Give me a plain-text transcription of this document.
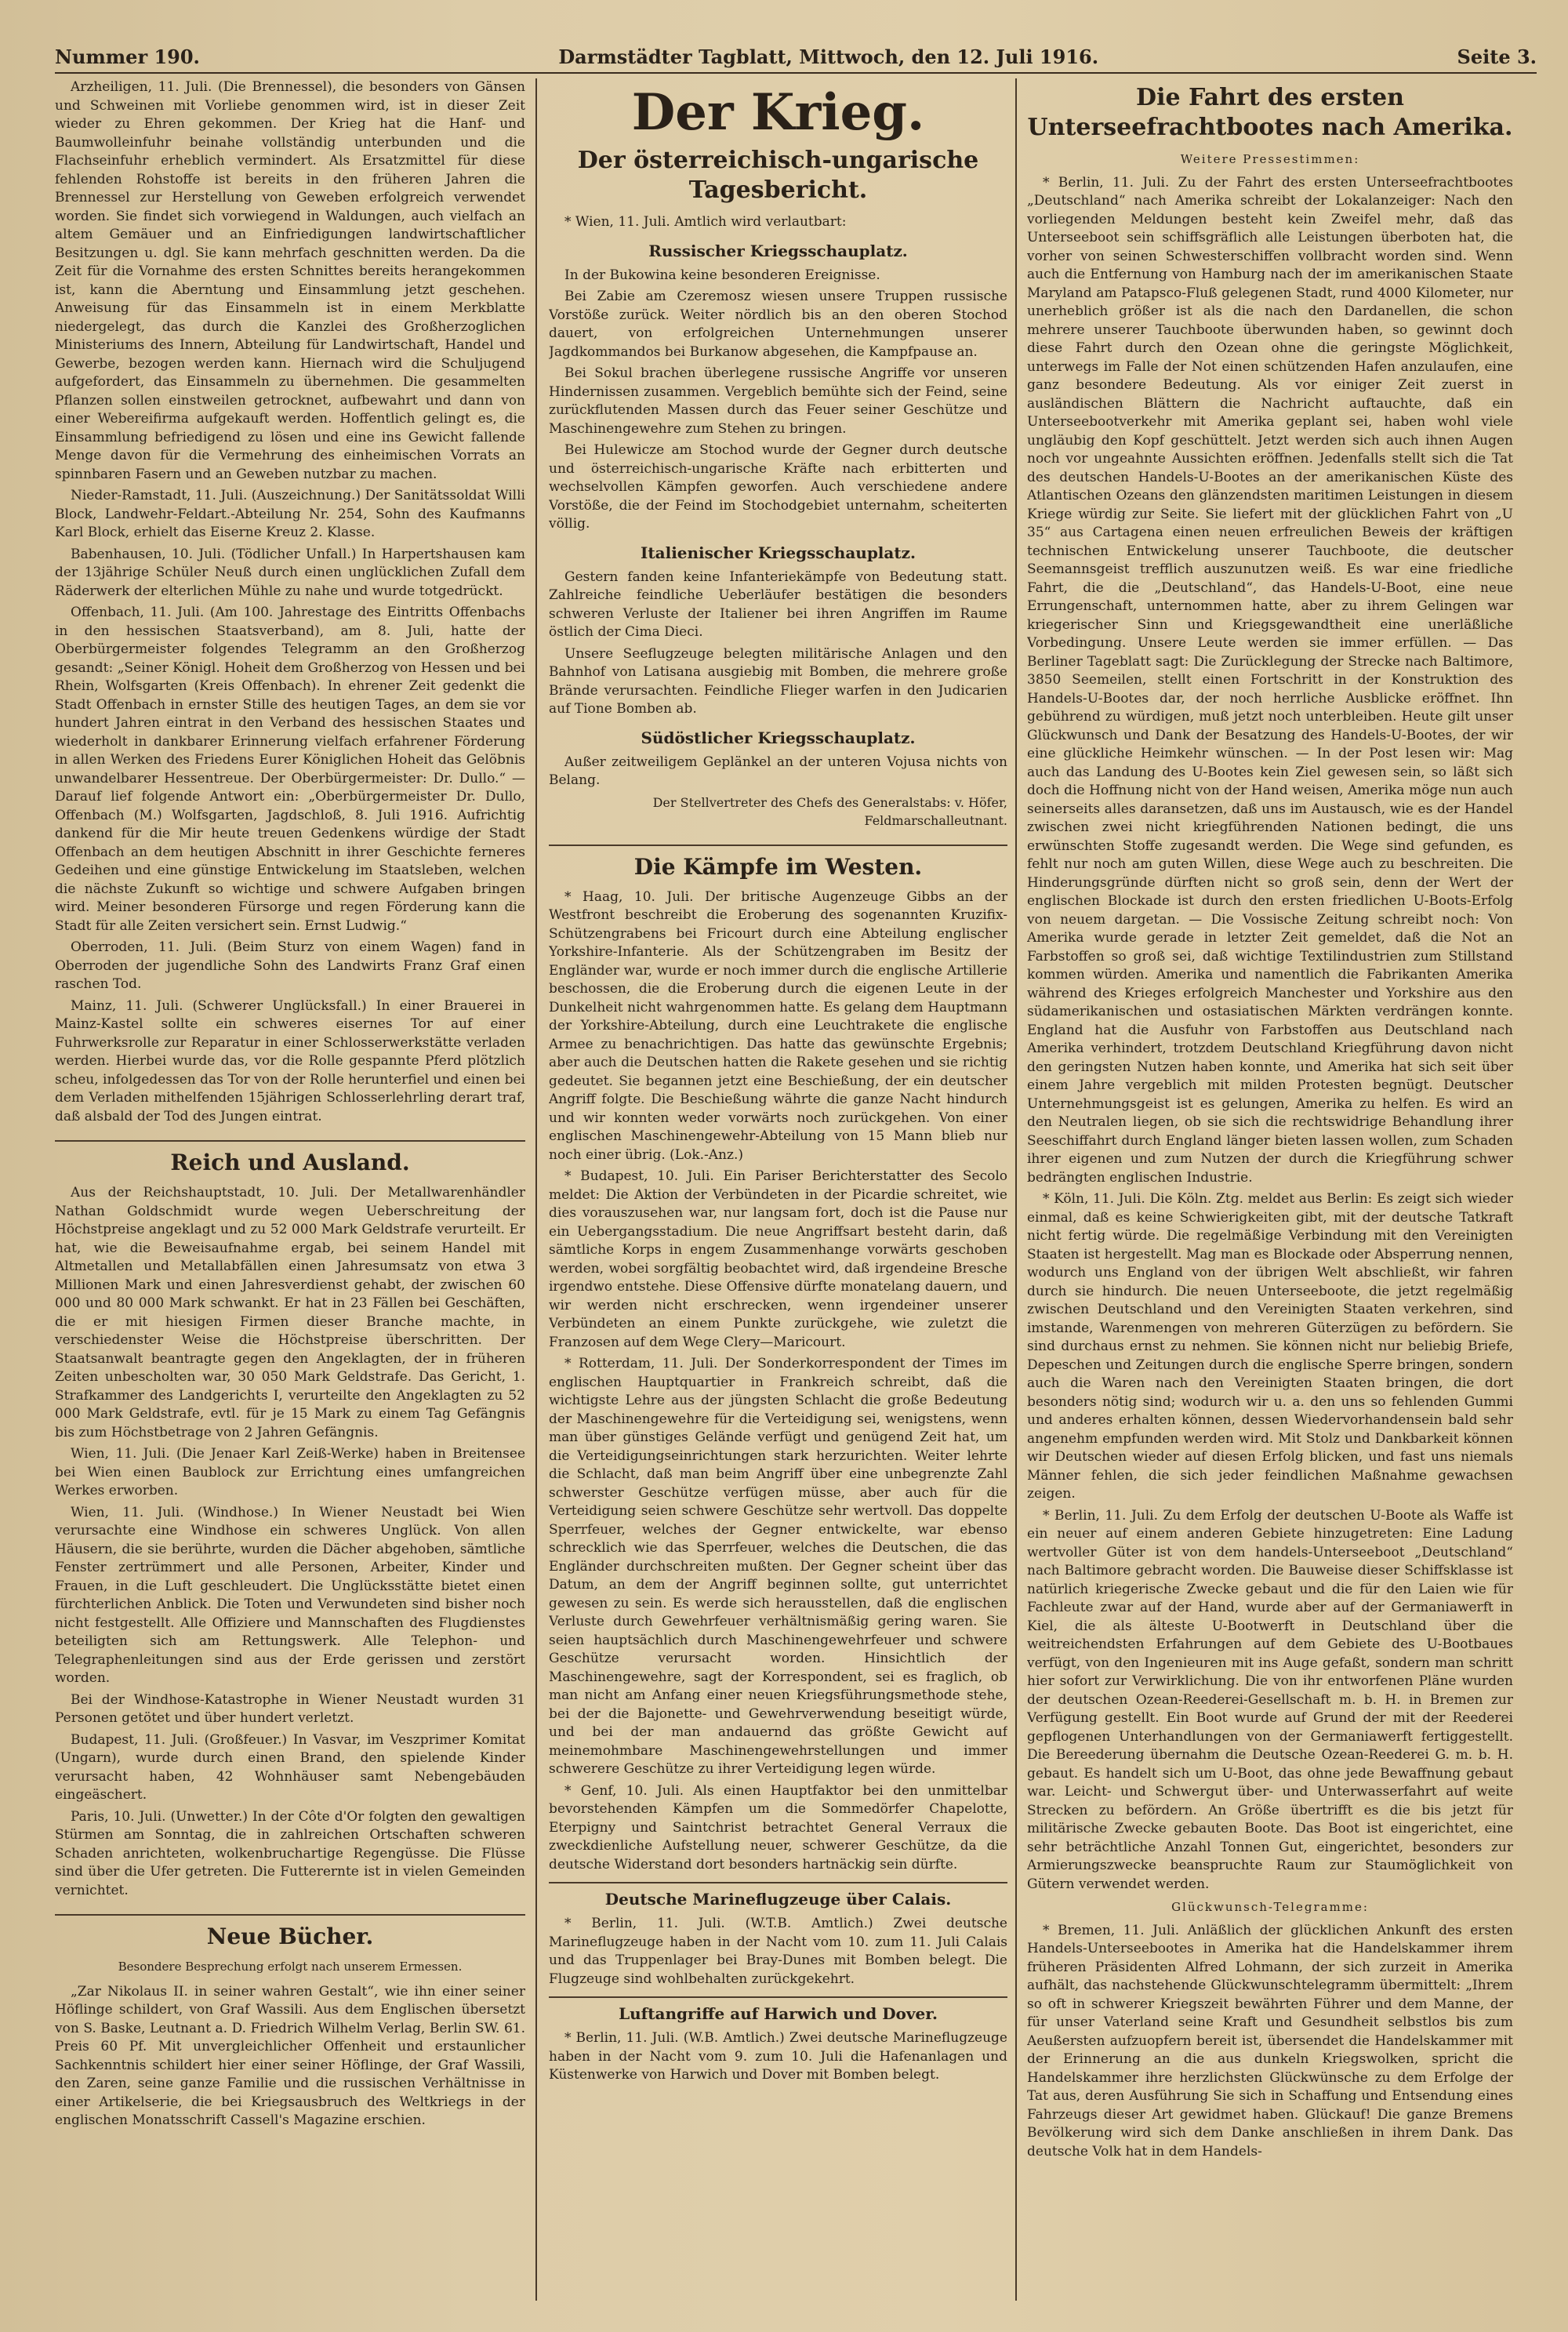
Nummer 190.	Darmstädter Tagblatt, Mittwoch, den 12. Juli 1916.	Seite 3.

Arzheiligen, 11. Juli. (Die Brennessel), die besonders von Gänsen und Schweinen mit Vorliebe genommen wird, ist in dieser Zeit wieder zu Ehren gekommen. Der Krieg hat die Hanf- und Baumwolleinfuhr beinahe vollständig unterbunden und die Flachseinfuhr erheblich vermindert. Als Ersatzmittel für diese fehlenden Rohstoffe ist bereits in den früheren Jahren die Brennessel zur Herstellung von Geweben erfolgreich verwendet worden. Sie findet sich vorwiegend in Waldungen, auch vielfach an altem Gemäuer und an Einfriedigungen landwirtschaftlicher Besitzungen u. dgl. Sie kann mehrfach geschnitten werden. Da die Zeit für die Vornahme des ersten Schnittes bereits herangekommen ist, kann die Aberntung und Einsammlung jetzt geschehen. Anweisung für das Einsammeln ist in einem Merkblatte niedergelegt, das durch die Kanzlei des Großherzoglichen Ministeriums des Innern, Abteilung für Landwirtschaft, Handel und Gewerbe, bezogen werden kann. Hiernach wird die Schuljugend aufgefordert, das Einsammeln zu übernehmen. Die gesammelten Pflanzen sollen einstweilen getrocknet, aufbewahrt und dann von einer Webereifirma aufgekauft werden. Hoffentlich gelingt es, die Einsammlung befriedigend zu lösen und eine ins Gewicht fallende Menge davon für die Vermehrung des einheimischen Vorrats an spinnbaren Fasern und an Geweben nutzbar zu machen.

Nieder-Ramstadt, 11. Juli. (Auszeichnung.) Der Sanitätssoldat Willi Block, Landwehr-Feldart.-Abteilung Nr. 254, Sohn des Kaufmanns Karl Block, erhielt das Eiserne Kreuz 2. Klasse.

Babenhausen, 10. Juli. (Tödlicher Unfall.) In Harpertshausen kam der 13jährige Schüler Neuß durch einen unglücklichen Zufall dem Räderwerk der elterlichen Mühle zu nahe und wurde totgedrückt.

Offenbach, 11. Juli. (Am 100. Jahrestage des Eintritts Offenbachs in den hessischen Staatsverband), am 8. Juli, hatte der Oberbürgermeister folgendes Telegramm an den Großherzog gesandt: „Seiner Königl. Hoheit dem Großherzog von Hessen und bei Rhein, Wolfsgarten (Kreis Offenbach). In ehrener Zeit gedenkt die Stadt Offenbach in ernster Stille des heutigen Tages, an dem sie vor hundert Jahren eintrat in den Verband des hessischen Staates und wiederholt in dankbarer Erinnerung vielfach erfahrener Förderung in allen Werken des Friedens Eurer Königlichen Hoheit das Gelöbnis unwandelbarer Hessentreue. Der Oberbürgermeister: Dr. Dullo.“ — Darauf lief folgende Antwort ein: „Oberbürgermeister Dr. Dullo, Offenbach (M.) Wolfsgarten, Jagdschloß, 8. Juli 1916. Aufrichtig dankend für die Mir heute treuen Gedenkens würdige der Stadt Offenbach an dem heutigen Abschnitt in ihrer Geschichte ferneres Gedeihen und eine günstige Entwickelung im Staatsleben, welchen die nächste Zukunft so wichtige und schwere Aufgaben bringen wird. Meiner besonderen Fürsorge und regen Förderung kann die Stadt für alle Zeiten versichert sein. Ernst Ludwig.“

Oberroden, 11. Juli. (Beim Sturz von einem Wagen) fand in Oberroden der jugendliche Sohn des Landwirts Franz Graf einen raschen Tod.

Mainz, 11. Juli. (Schwerer Unglücksfall.) In einer Brauerei in Mainz-Kastel sollte ein schweres eisernes Tor auf einer Fuhrwerksrolle zur Reparatur in einer Schlosserwerkstätte verladen werden. Hierbei wurde das, vor die Rolle gespannte Pferd plötzlich scheu, infolgedessen das Tor von der Rolle herunterfiel und einen bei dem Verladen mithelfenden 15jährigen Schlosserlehrling derart traf, daß alsbald der Tod des Jungen eintrat.

Reich und Ausland.

Aus der Reichshauptstadt, 10. Juli. Der Metallwarenhändler Nathan Goldschmidt wurde wegen Ueberschreitung der Höchstpreise angeklagt und zu 52 000 Mark Geldstrafe verurteilt. Er hat, wie die Beweisaufnahme ergab, bei seinem Handel mit Altmetallen und Metallabfällen einen Jahresumsatz von etwa 3 Millionen Mark und einen Jahresverdienst gehabt, der zwischen 60 000 und 80 000 Mark schwankt. Er hat in 23 Fällen bei Geschäften, die er mit hiesigen Firmen dieser Branche machte, in verschiedenster Weise die Höchstpreise überschritten. Der Staatsanwalt beantragte gegen den Angeklagten, der in früheren Zeiten unbescholten war, 30 050 Mark Geldstrafe. Das Gericht, 1. Strafkammer des Landgerichts I, verurteilte den Angeklagten zu 52 000 Mark Geldstrafe, evtl. für je 15 Mark zu einem Tag Gefängnis bis zum Höchstbetrage von 2 Jahren Gefängnis.

Wien, 11. Juli. (Die Jenaer Karl Zeiß-Werke) haben in Breitensee bei Wien einen Baublock zur Errichtung eines umfangreichen Werkes erworben.

Wien, 11. Juli. (Windhose.) In Wiener Neustadt bei Wien verursachte eine Windhose ein schweres Unglück. Von allen Häusern, die sie berührte, wurden die Dächer abgehoben, sämtliche Fenster zertrümmert und alle Personen, Arbeiter, Kinder und Frauen, in die Luft geschleudert. Die Unglücksstätte bietet einen fürchterlichen Anblick. Die Toten und Verwundeten sind bisher noch nicht festgestellt. Alle Offiziere und Mannschaften des Flugdienstes beteiligten sich am Rettungswerk. Alle Telephon- und Telegraphenleitungen sind aus der Erde gerissen und zerstört worden.

Bei der Windhose-Katastrophe in Wiener Neustadt wurden 31 Personen getötet und über hundert verletzt.

Budapest, 11. Juli. (Großfeuer.) In Vasvar, im Veszprimer Komitat (Ungarn), wurde durch einen Brand, den spielende Kinder verursacht haben, 42 Wohnhäuser samt Nebengebäuden eingeäschert.

Paris, 10. Juli. (Unwetter.) In der Côte d'Or folgten den gewaltigen Stürmen am Sonntag, die in zahlreichen Ortschaften schweren Schaden anrichteten, wolkenbruchartige Regengüsse. Die Flüsse sind über die Ufer getreten. Die Futterernte ist in vielen Gemeinden vernichtet.

Neue Bücher.
Besondere Besprechung erfolgt nach unserem Ermessen.

„Zar Nikolaus II. in seiner wahren Gestalt“, wie ihn einer seiner Höflinge schildert, von Graf Wassili. Aus dem Englischen übersetzt von S. Baske, Leutnant a. D. Friedrich Wilhelm Verlag, Berlin SW. 61. Preis 60 Pf. Mit unvergleichlicher Offenheit und erstaunlicher Sachkenntnis schildert hier einer seiner Höflinge, der Graf Wassili, den Zaren, seine ganze Familie und die russischen Verhältnisse in einer Artikelserie, die bei Kriegsausbruch des Weltkriegs in der englischen Monatsschrift Cassell's Magazine erschien.

Der Krieg.
Der österreichisch-ungarische Tagesbericht.

* Wien, 11. Juli. Amtlich wird verlautbart:

Russischer Kriegsschauplatz.

In der Bukowina keine besonderen Ereignisse.

Bei Zabie am Czeremosz wiesen unsere Truppen russische Vorstöße zurück. Weiter nördlich bis an den oberen Stochod dauert, von erfolgreichen Unternehmungen unserer Jagdkommandos bei Burkanow abgesehen, die Kampfpause an.

Bei Sokul brachen überlegene russische Angriffe vor unseren Hindernissen zusammen. Vergeblich bemühte sich der Feind, seine zurückflutenden Massen durch das Feuer seiner Geschütze und Maschinengewehre zum Stehen zu bringen.

Bei Hulewicze am Stochod wurde der Gegner durch deutsche und österreichisch-ungarische Kräfte nach erbitterten und wechselvollen Kämpfen geworfen. Auch verschiedene andere Vorstöße, die der Feind im Stochodgebiet unternahm, scheiterten völlig.

Italienischer Kriegsschauplatz.

Gestern fanden keine Infanteriekämpfe von Bedeutung statt. Zahlreiche feindliche Ueberläufer bestätigen die besonders schweren Verluste der Italiener bei ihren Angriffen im Raume östlich der Cima Dieci.

Unsere Seeflugzeuge belegten militärische Anlagen und den Bahnhof von Latisana ausgiebig mit Bomben, die mehrere große Brände verursachten. Feindliche Flieger warfen in den Judicarien auf Tione Bomben ab.

Südöstlicher Kriegsschauplatz.

Außer zeitweiligem Geplänkel an der unteren Vojusa nichts von Belang.

Der Stellvertreter des Chefs des Generalstabs: v. Höfer, Feldmarschalleutnant.
Die Kämpfe im Westen.

* Haag, 10. Juli. Der britische Augenzeuge Gibbs an der Westfront beschreibt die Eroberung des sogenannten Kruzifix-Schützengrabens bei Fricourt durch eine Abteilung englischer Yorkshire-Infanterie. Als der Schützengraben im Besitz der Engländer war, wurde er noch immer durch die englische Artillerie beschossen, die die Eroberung durch die eigenen Leute in der Dunkelheit nicht wahrgenommen hatte. Es gelang dem Hauptmann der Yorkshire-Abteilung, durch eine Leuchtrakete die englische Armee zu benachrichtigen. Das hatte das gewünschte Ergebnis; aber auch die Deutschen hatten die Rakete gesehen und sie richtig gedeutet. Sie begannen jetzt eine Beschießung, der ein deutscher Angriff folgte. Die Beschießung währte die ganze Nacht hindurch und wir konnten weder vorwärts noch zurückgehen. Von einer englischen Maschinengewehr-Abteilung von 15 Mann blieb nur noch einer übrig. (Lok.-Anz.)

* Budapest, 10. Juli. Ein Pariser Berichterstatter des Secolo meldet: Die Aktion der Verbündeten in der Picardie schreitet, wie dies vorauszusehen war, nur langsam fort, doch ist die Pause nur ein Uebergangsstadium. Die neue Angriffsart besteht darin, daß sämtliche Korps in engem Zusammenhange vorwärts geschoben werden, wobei sorgfältig beobachtet wird, daß irgendeine Bresche irgendwo entstehe. Diese Offensive dürfte monatelang dauern, und wir werden nicht erschrecken, wenn irgendeiner unserer Verbündeten an einem Punkte zurückgehe, wie zuletzt die Franzosen auf dem Wege Clery—Maricourt.

* Rotterdam, 11. Juli. Der Sonderkorrespondent der Times im englischen Hauptquartier in Frankreich schreibt, daß die wichtigste Lehre aus der jüngsten Schlacht die große Bedeutung der Maschinengewehre für die Verteidigung sei, wenigstens, wenn man über günstiges Gelände verfügt und genügend Zeit hat, um die Verteidigungseinrichtungen stark herzurichten. Weiter lehrte die Schlacht, daß man beim Angriff über eine unbegrenzte Zahl schwerster Geschütze verfügen müsse, aber auch für die Verteidigung seien schwere Geschütze sehr wertvoll. Das doppelte Sperrfeuer, welches der Gegner entwickelte, war ebenso schrecklich wie das Sperrfeuer, welches die Deutschen, die das Engländer durchschreiten mußten. Der Gegner scheint über das Datum, an dem der Angriff beginnen sollte, gut unterrichtet gewesen zu sein. Es werde sich herausstellen, daß die englischen Verluste durch Gewehrfeuer verhältnismäßig gering waren. Sie seien hauptsächlich durch Maschinengewehrfeuer und schwere Geschütze verursacht worden. Hinsichtlich der Maschinengewehre, sagt der Korrespondent, sei es fraglich, ob man nicht am Anfang einer neuen Kriegsführungsmethode stehe, bei der die Bajonette- und Gewehrverwendung beseitigt würde, und bei der man andauernd das größte Gewicht auf meinemohmbare Maschinengewehrstellungen und immer schwerere Geschütze zu ihrer Verteidigung legen würde.

* Genf, 10. Juli. Als einen Hauptfaktor bei den unmittelbar bevorstehenden Kämpfen um die Sommedörfer Chapelotte, Eterpigny und Saintchrist betrachtet General Verraux die zweckdienliche Aufstellung neuer, schwerer Geschütze, da die deutsche Widerstand dort besonders hartnäckig sein dürfte.

Deutsche Marineflugzeuge über Calais.

* Berlin, 11. Juli. (W.T.B. Amtlich.) Zwei deutsche Marineflugzeuge haben in der Nacht vom 10. zum 11. Juli Calais und das Truppenlager bei Bray-Dunes mit Bomben belegt. Die Flugzeuge sind wohlbehalten zurückgekehrt.

Luftangriffe auf Harwich und Dover.

* Berlin, 11. Juli. (W.B. Amtlich.) Zwei deutsche Marineflugzeuge haben in der Nacht vom 9. zum 10. Juli die Hafenanlagen und Küstenwerke von Harwich und Dover mit Bomben belegt.

Die Fahrt des ersten Unterseefrachtbootes nach Amerika.
Weitere Pressestimmen:

* Berlin, 11. Juli. Zu der Fahrt des ersten Unterseefrachtbootes „Deutschland“ nach Amerika schreibt der Lokalanzeiger: Nach den vorliegenden Meldungen besteht kein Zweifel mehr, daß das Unterseeboot sein schiffsgräflich alle Leistungen überboten hat, die vorher von seinen Schwesterschiffen vollbracht worden sind. Wenn auch die Entfernung von Hamburg nach der im amerikanischen Staate Maryland am Patapsco-Fluß gelegenen Stadt, rund 4000 Kilometer, nur unerheblich größer ist als die nach den Dardanellen, die schon mehrere unserer Tauchboote überwunden haben, so gewinnt doch diese Fahrt durch den Ozean ohne die geringste Möglichkeit, unterwegs im Falle der Not einen schützenden Hafen anzulaufen, eine ganz besondere Bedeutung. Als vor einiger Zeit zuerst in ausländischen Blättern die Nachricht auftauchte, daß ein Unterseebootverkehr mit Amerika geplant sei, haben wohl viele ungläubig den Kopf geschüttelt. Jetzt werden sich auch ihnen Augen noch vor ungeahnte Aussichten eröffnen. Jedenfalls stellt sich die Tat des deutschen Handels-U-Bootes an der amerikanischen Küste des Atlantischen Ozeans den glänzendsten maritimen Leistungen in diesem Kriege würdig zur Seite. Sie liefert mit der glücklichen Fahrt von „U 35“ aus Cartagena einen neuen erfreulichen Beweis der kräftigen technischen Entwickelung unserer Tauchboote, die deutscher Seemannsgeist trefflich auszunutzen weiß. Es war eine friedliche Fahrt, die die „Deutschland“, das Handels-U-Boot, eine neue Errungenschaft, unternommen hatte, aber zu ihrem Gelingen war kriegerischer Sinn und Kriegsgewandtheit eine unerläßliche Vorbedingung. Unsere Leute werden sie immer erfüllen. — Das Berliner Tageblatt sagt: Die Zurücklegung der Strecke nach Baltimore, 3850 Seemeilen, stellt einen Fortschritt in der Konstruktion des Handels-U-Bootes dar, der noch herrliche Ausblicke eröffnet. Ihn gebührend zu würdigen, muß jetzt noch unterbleiben. Heute gilt unser Glückwunsch und Dank der Besatzung des Handels-U-Bootes, der wir eine glückliche Heimkehr wünschen. — In der Post lesen wir: Mag auch das Landung des U-Bootes kein Ziel gewesen sein, so läßt sich doch die Hoffnung nicht von der Hand weisen, Amerika möge nun auch seinerseits alles daransetzen, daß uns im Austausch, wie es der Handel zwischen zwei nicht kriegführenden Nationen bedingt, die uns erwünschten Stoffe zugesandt werden. Die Wege sind gefunden, es fehlt nur noch am guten Willen, diese Wege auch zu beschreiten. Die Hinderungsgründe dürften nicht so groß sein, denn der Wert der englischen Blockade ist durch den ersten friedlichen U-Boots-Erfolg von neuem dargetan. — Die Vossische Zeitung schreibt noch: Von Amerika wurde gerade in letzter Zeit gemeldet, daß die Not an Farbstoffen so groß sei, daß wichtige Textilindustrien zum Stillstand kommen würden. Amerika und namentlich die Fabrikanten Amerika während des Krieges erfolgreich Manchester und Yorkshire aus den südamerikanischen und ostasiatischen Märkten verdrängen konnte. England hat die Ausfuhr von Farbstoffen aus Deutschland nach Amerika verhindert, trotzdem Deutschland Kriegführung davon nicht den geringsten Nutzen haben konnte, und Amerika hat sich seit über einem Jahre vergeblich mit milden Protesten begnügt. Deutscher Unternehmungsgeist ist es gelungen, Amerika zu helfen. Es wird an den Neutralen liegen, ob sie sich die rechtswidrige Behandlung ihrer Seeschiffahrt durch England länger bieten lassen wollen, zum Schaden ihrer eigenen und zum Nutzen der durch die Kriegführung schwer bedrängten englischen Industrie.

* Köln, 11. Juli. Die Köln. Ztg. meldet aus Berlin: Es zeigt sich wieder einmal, daß es keine Schwierigkeiten gibt, mit der deutsche Tatkraft nicht fertig würde. Die regelmäßige Verbindung mit den Vereinigten Staaten ist hergestellt. Mag man es Blockade oder Absperrung nennen, wodurch uns England von der übrigen Welt abschließt, wir fahren durch sie hindurch. Die neuen Unterseeboote, die jetzt regelmäßig zwischen Deutschland und den Vereinigten Staaten verkehren, sind imstande, Warenmengen von mehreren Güterzügen zu befördern. Sie sind durchaus ernst zu nehmen. Sie können nicht nur beliebig Briefe, Depeschen und Zeitungen durch die englische Sperre bringen, sondern auch die Waren nach den Vereinigten Staaten bringen, die dort besonders nötig sind; wodurch wir u. a. den uns so fehlenden Gummi und anderes erhalten können, dessen Wiedervorhandensein bald sehr angenehm empfunden werden wird. Mit Stolz und Dankbarkeit können wir Deutschen wieder auf diesen Erfolg blicken, und fast uns niemals Männer fehlen, die sich jeder feindlichen Maßnahme gewachsen zeigen.

* Berlin, 11. Juli. Zu dem Erfolg der deutschen U-Boote als Waffe ist ein neuer auf einem anderen Gebiete hinzugetreten: Eine Ladung wertvoller Güter ist von dem handels-Unterseeboot „Deutschland“ nach Baltimore gebracht worden. Die Bauweise dieser Schiffsklasse ist natürlich kriegerische Zwecke gebaut und die für den Laien wie für Fachleute zwar auf der Hand, wurde aber auf der Germaniawerft in Kiel, die als älteste U-Bootwerft in Deutschland über die weitreichendsten Erfahrungen auf dem Gebiete des U-Bootbaues verfügt, von den Ingenieuren mit ins Auge gefaßt, sondern man schritt hier sofort zur Verwirklichung. Die von ihr entworfenen Pläne wurden der deutschen Ozean-Reederei-Gesellschaft m. b. H. in Bremen zur Verfügung gestellt. Ein Boot wurde auf Grund der mit der Reederei gepflogenen Unterhandlungen von der Germaniawerft fertiggestellt. Die Bereederung übernahm die Deutsche Ozean-Reederei G. m. b. H. gebaut. Es handelt sich um U-Boot, das ohne jede Bewaffnung gebaut war. Leicht- und Schwergut über- und Unterwasserfahrt auf weite Strecken zu befördern. An Größe übertrifft es die bis jetzt für militärische Zwecke gebauten Boote. Das Boot ist eingerichtet, eine sehr beträchtliche Anzahl Tonnen Gut, eingerichtet, besonders zur Armierungszwecke beanspruchte Raum zur Staumöglichkeit von Gütern verwendet werden.

Glückwunsch-Telegramme:

* Bremen, 11. Juli. Anläßlich der glücklichen Ankunft des ersten Handels-Unterseebootes in Amerika hat die Handelskammer ihrem früheren Präsidenten Alfred Lohmann, der sich zurzeit in Amerika aufhält, das nachstehende Glückwunschtelegramm übermittelt: „Ihrem so oft in schwerer Kriegszeit bewährten Führer und dem Manne, der für unser Vaterland seine Kraft und Gesundheit selbstlos bis zum Aeußersten aufzuopfern bereit ist, übersendet die Handelskammer mit der Erinnerung an die aus dunkeln Kriegswolken, spricht die Handelskammer ihre herzlichsten Glückwünsche zu dem Erfolge der Tat aus, deren Ausführung Sie sich in Schaffung und Entsendung eines Fahrzeugs dieser Art gewidmet haben. Glückauf! Die ganze Bremens Bevölkerung wird sich dem Danke anschließen in ihrem Dank. Das deutsche Volk hat in dem Handels-
